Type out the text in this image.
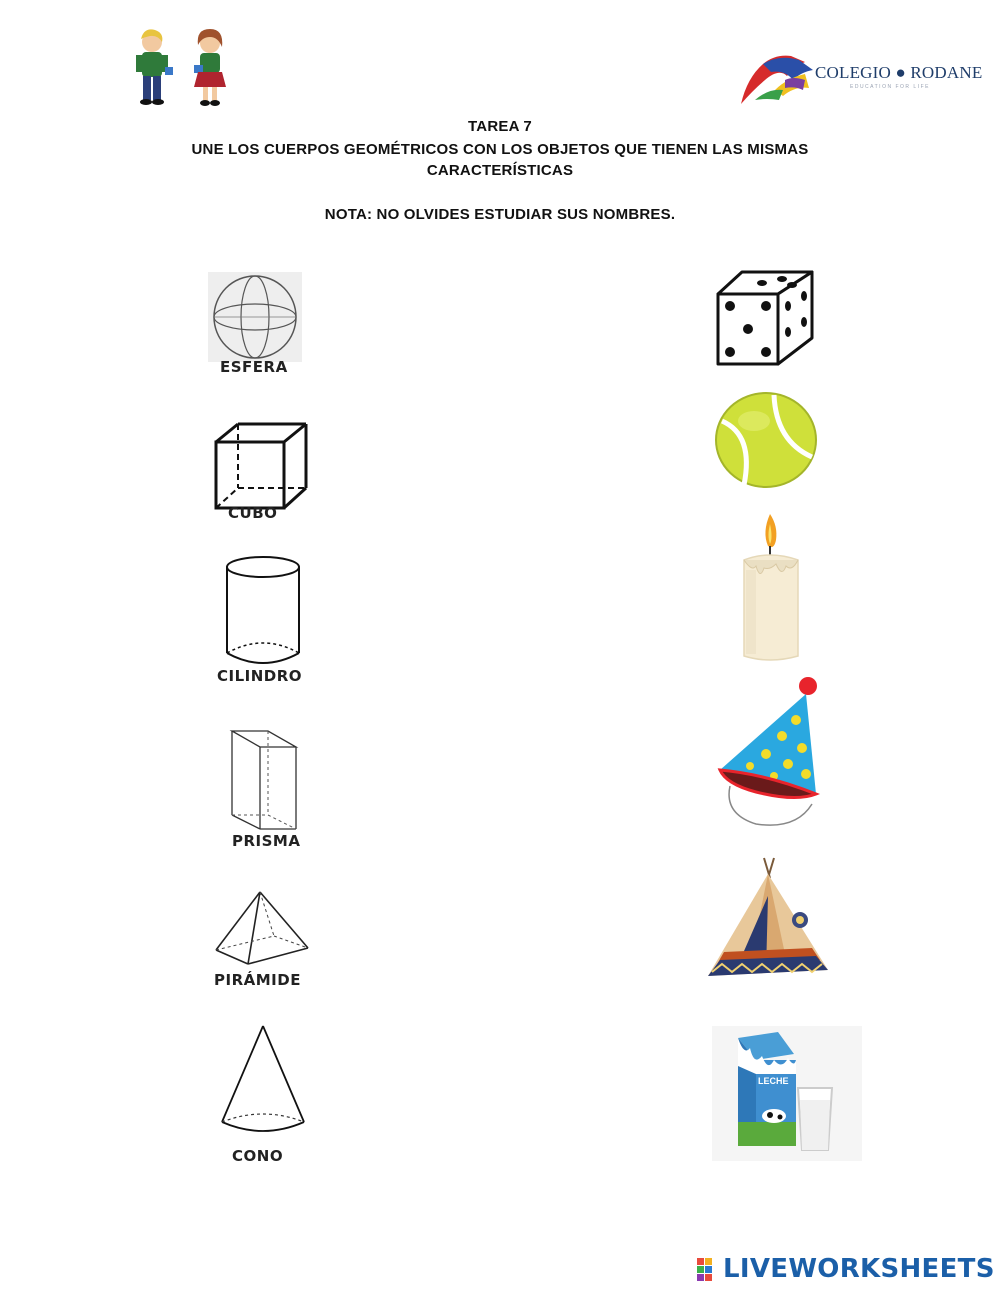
COLEGIO ● RODANE
EDUCATION FOR LIFE
TAREA 7
UNE LOS CUERPOS GEOMÉTRICOS CON LOS OBJETOS QUE TIENEN LAS MISMAS
CARACTERÍSTICAS
NOTA: NO OLVIDES ESTUDIAR SUS NOMBRES.
ESFERA
CUBO
CILINDRO
PRISMA
PIRÁMIDE
CONO
LECHE
LIVEWORKSHEETS
